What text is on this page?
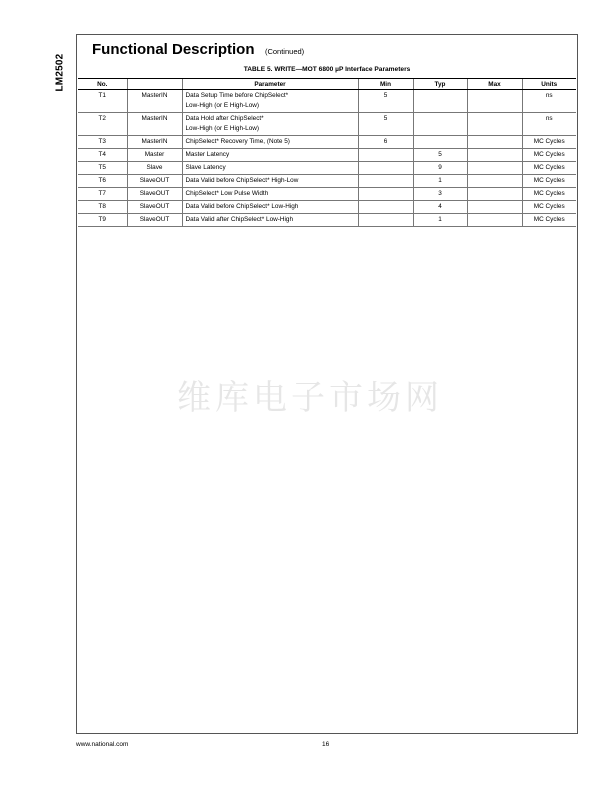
LM2502
Functional Description (Continued)
TABLE 5. WRITE—MOT 6800 µP Interface Parameters
No.		Parameter	Min	Typ	Max	Units
T1	MasterIN	Data Setup Time before ChipSelect*
Low-High (or E High-Low)	5			ns
T2	MasterIN	Data Hold after ChipSelect*
Low-High (or E High-Low)	5			ns
T3	MasterIN	ChipSelect* Recovery Time, (Note 5)	6			MC Cycles
T4	Master	Master Latency		5		MC Cycles
T5	Slave	Slave Latency		9		MC Cycles
T6	SlaveOUT	Data Valid before ChipSelect* High-Low		1		MC Cycles
T7	SlaveOUT	ChipSelect* Low Pulse Width		3		MC Cycles
T8	SlaveOUT	Data Valid before ChipSelect* Low-High		4		MC Cycles
T9	SlaveOUT	Data Valid after ChipSelect* Low-High		1		MC Cycles
维库电子市场网
www.national.com	16
